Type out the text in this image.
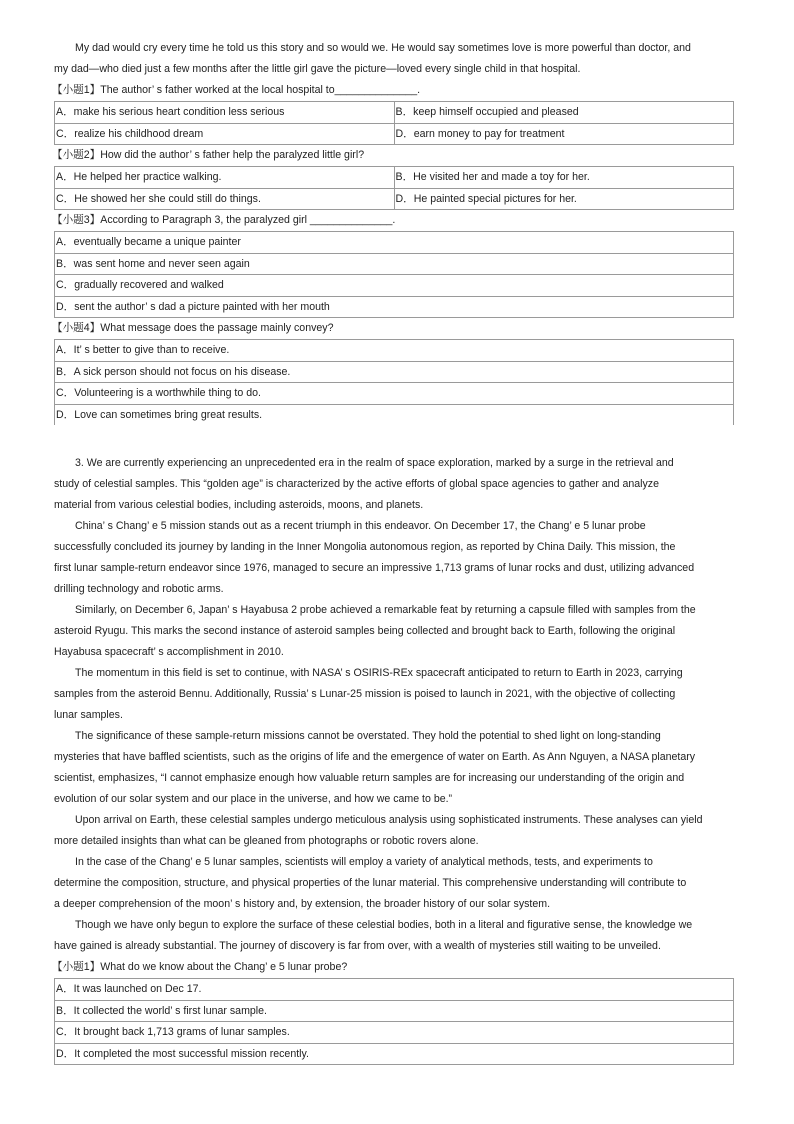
My dad would cry every time he told us this story and so would we. He would say sometimes love is more powerful than doctor, and
my dad—who died just a few months after the little girl gave the picture—loved every single child in that hospital.
【小题1】The author’ s father worked at the local hospital to______________.
A．make his serious heart condition less serious	B．keep himself occupied and pleased
C．realize his childhood dream	D．earn money to pay for treatment
【小题2】How did the author’ s father help the paralyzed little girl?
A．He helped her practice walking.	B．He visited her and made a toy for her.
C．He showed her she could still do things.	D．He painted special pictures for her.
【小题3】According to Paragraph 3, the paralyzed girl ______________.
A．eventually became a unique painter
B．was sent home and never seen again
C．gradually recovered and walked
D．sent the author’ s dad a picture painted with her mouth
【小题4】What message does the passage mainly convey?
A．It’ s better to give than to receive.
B．A sick person should not focus on his disease.
C．Volunteering is a worthwhile thing to do.
D．Love can sometimes bring great results.
3. We are currently experiencing an unprecedented era in the realm of space exploration, marked by a surge in the retrieval and
study of celestial samples. This “golden age” is characterized by the active efforts of global space agencies to gather and analyze
material from various celestial bodies, including asteroids, moons, and planets.
China’ s Chang’ e 5 mission stands out as a recent triumph in this endeavor. On December 17, the Chang’ e 5 lunar probe
successfully concluded its journey by landing in the Inner Mongolia autonomous region, as reported by China Daily. This mission, the
first lunar sample-return endeavor since 1976, managed to secure an impressive 1,713 grams of lunar rocks and dust, utilizing advanced
drilling technology and robotic arms.
Similarly, on December 6, Japan’ s Hayabusa 2 probe achieved a remarkable feat by returning a capsule filled with samples from the
asteroid Ryugu. This marks the second instance of asteroid samples being collected and brought back to Earth, following the original
Hayabusa spacecraft’ s accomplishment in 2010.
The momentum in this field is set to continue, with NASA’ s OSIRIS-REx spacecraft anticipated to return to Earth in 2023, carrying
samples from the asteroid Bennu. Additionally, Russia’ s Lunar-25 mission is poised to launch in 2021, with the objective of collecting
lunar samples.
The significance of these sample-return missions cannot be overstated. They hold the potential to shed light on long-standing
mysteries that have baffled scientists, such as the origins of life and the emergence of water on Earth. As Ann Nguyen, a NASA planetary
scientist, emphasizes, “I cannot emphasize enough how valuable return samples are for increasing our understanding of the origin and
evolution of our solar system and our place in the universe, and how we came to be.”
Upon arrival on Earth, these celestial samples undergo meticulous analysis using sophisticated instruments. These analyses can yield
more detailed insights than what can be gleaned from photographs or robotic rovers alone.
In the case of the Chang’ e 5 lunar samples, scientists will employ a variety of analytical methods, tests, and experiments to
determine the composition, structure, and physical properties of the lunar material. This comprehensive understanding will contribute to
a deeper comprehension of the moon’ s history and, by extension, the broader history of our solar system.
Though we have only begun to explore the surface of these celestial bodies, both in a literal and figurative sense, the knowledge we
have gained is already substantial. The journey of discovery is far from over, with a wealth of mysteries still waiting to be unveiled.
【小题1】What do we know about the Chang’ e 5 lunar probe?
A．It was launched on Dec 17.
B．It collected the world’ s first lunar sample.
C．It brought back 1,713 grams of lunar samples.
D．It completed the most successful mission recently.
